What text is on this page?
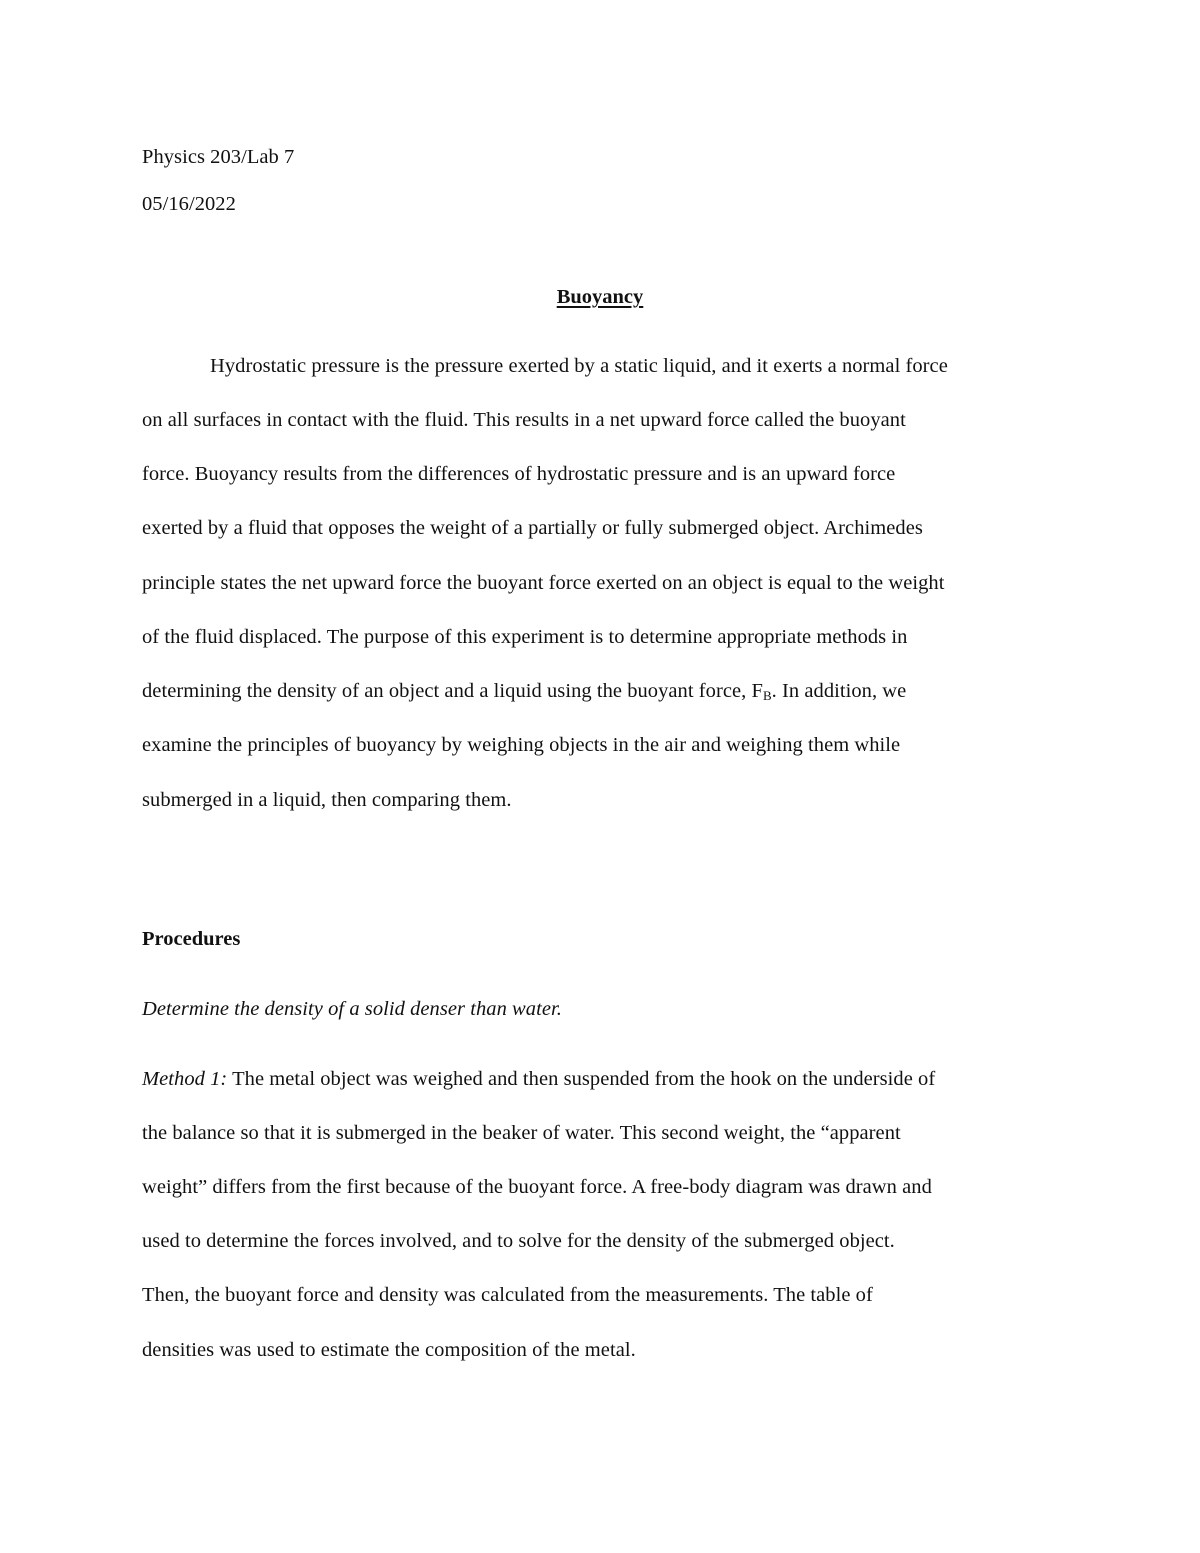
Physics 203/Lab 7
05/16/2022
Buoyancy
Hydrostatic pressure is the pressure exerted by a static liquid, and it exerts a normal force
on all surfaces in contact with the fluid. This results in a net upward force called the buoyant
force. Buoyancy results from the differences of hydrostatic pressure and is an upward force
exerted by a fluid that opposes the weight of a partially or fully submerged object. Archimedes
principle states the net upward force the buoyant force exerted on an object is equal to the weight
of the fluid displaced. The purpose of this experiment is to determine appropriate methods in
determining the density of an object and a liquid using the buoyant force, $F_B$. In addition, we
examine the principles of buoyancy by weighing objects in the air and weighing them while
submerged in a liquid, then comparing them.
Procedures
Determine the density of a solid denser than water.
Method 1: The metal object was weighed and then suspended from the hook on the underside of
the balance so that it is submerged in the beaker of water. This second weight, the “apparent
weight” differs from the first because of the buoyant force. A free-body diagram was drawn and
used to determine the forces involved, and to solve for the density of the submerged object.
Then, the buoyant force and density was calculated from the measurements. The table of
densities was used to estimate the composition of the metal.
